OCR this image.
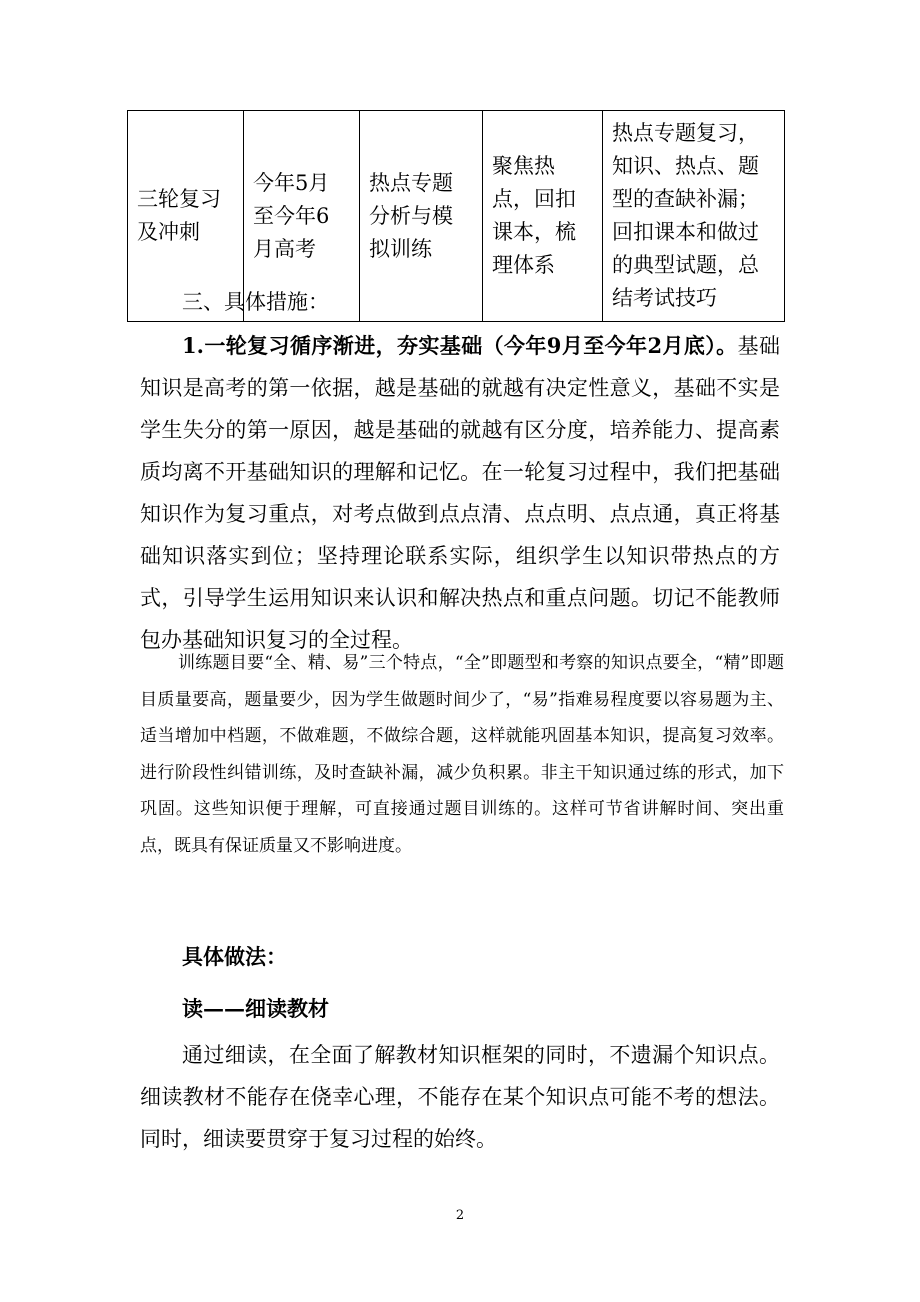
三轮复习及冲刺	今年5月至今年6月高考	热点专题分析与模拟训练	聚焦热点，回扣课本，梳理体系	热点专题复习，知识、热点、题型的查缺补漏；回扣课本和做过的典型试题，总结考试技巧

三、具体措施：

1.一轮复习循序渐进，夯实基础（今年9月至今年2月底）。基础知识是高考的第一依据，越是基础的就越有决定性意义，基础不实是学生失分的第一原因，越是基础的就越有区分度，培养能力、提高素质均离不开基础知识的理解和记忆。在一轮复习过程中，我们把基础知识作为复习重点，对考点做到点点清、点点明、点点通，真正将基础知识落实到位；坚持理论联系实际，组织学生以知识带热点的方式，引导学生运用知识来认识和解决热点和重点问题。切记不能教师包办基础知识复习的全过程。

训练题目要“全、精、易”三个特点，“全”即题型和考察的知识点要全，“精”即题目质量要高，题量要少，因为学生做题时间少了，“易”指难易程度要以容易题为主、适当增加中档题，不做难题，不做综合题，这样就能巩固基本知识，提高复习效率。进行阶段性纠错训练，及时查缺补漏，减少负积累。非主干知识通过练的形式，加下巩固。这些知识便于理解，可直接通过题目训练的。这样可节省讲解时间、突出重点，既具有保证质量又不影响进度。

具体做法：

读——细读教材

通过细读，在全面了解教材知识框架的同时，不遗漏个知识点。细读教材不能存在侥幸心理，不能存在某个知识点可能不考的想法。同时，细读要贯穿于复习过程的始终。

2
